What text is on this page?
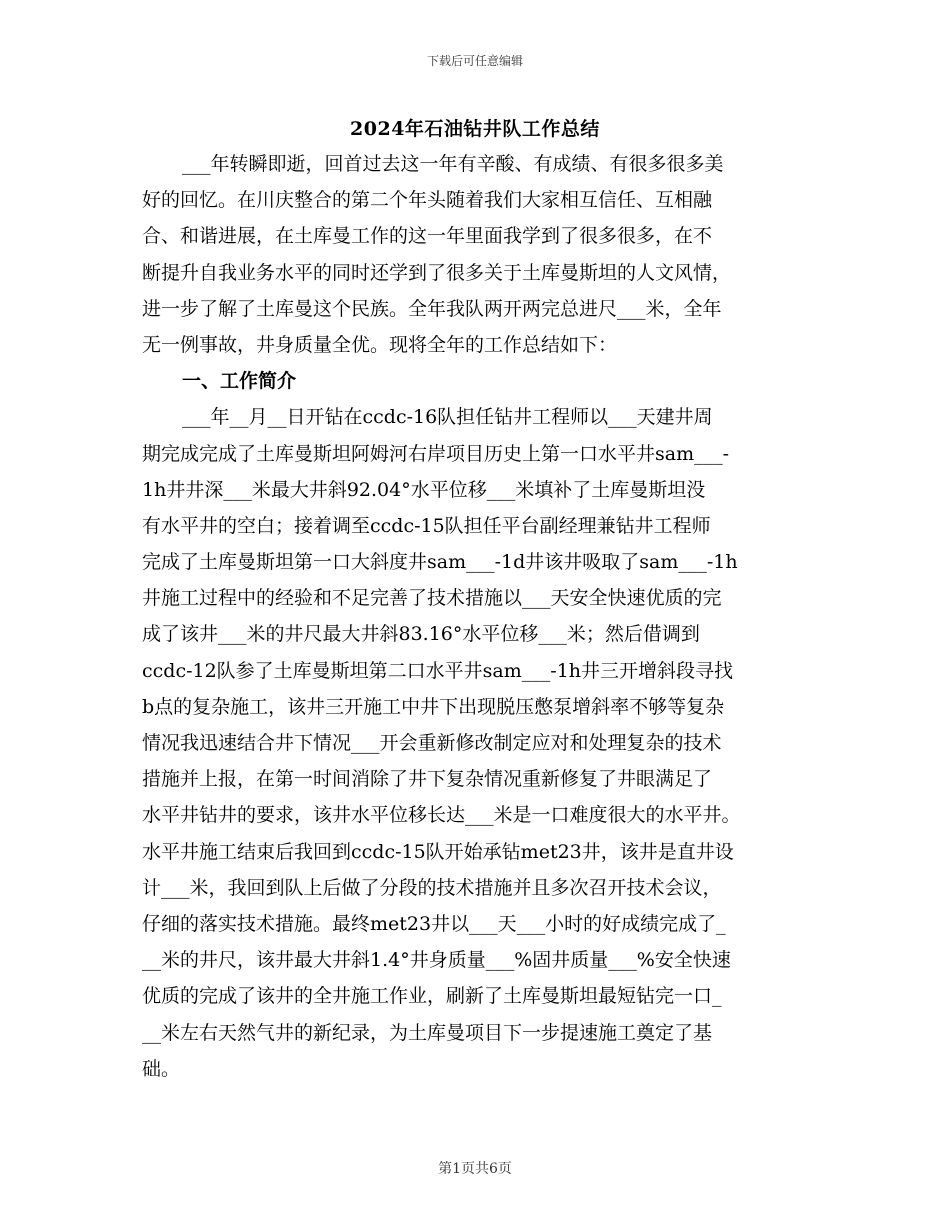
下载后可任意编辑
2024年石油钻井队工作总结
___年转瞬即逝，回首过去这一年有辛酸、有成绩、有很多很多美
好的回忆。在川庆整合的第二个年头随着我们大家相互信任、互相融
合、和谐进展，在土库曼工作的这一年里面我学到了很多很多，在不
断提升自我业务水平的同时还学到了很多关于土库曼斯坦的人文风情，
进一步了解了土库曼这个民族。全年我队两开两完总进尺___米，全年
无一例事故，井身质量全优。现将全年的工作总结如下：
一、工作简介
___年__月__日开钻在ccdc-16队担任钻井工程师以___天建井周
期完成完成了土库曼斯坦阿姆河右岸项目历史上第一口水平井sam___-
1h井井深___米最大井斜92.04°水平位移___米填补了土库曼斯坦没
有水平井的空白；接着调至ccdc-15队担任平台副经理兼钻井工程师
完成了土库曼斯坦第一口大斜度井sam___-1d井该井吸取了sam___-1h
井施工过程中的经验和不足完善了技术措施以___天安全快速优质的完
成了该井___米的井尺最大井斜83.16°水平位移___米；然后借调到
ccdc-12队参了土库曼斯坦第二口水平井sam___-1h井三开增斜段寻找
b点的复杂施工，该井三开施工中井下出现脱压憋泵增斜率不够等复杂
情况我迅速结合井下情况___开会重新修改制定应对和处理复杂的技术
措施并上报，在第一时间消除了井下复杂情况重新修复了井眼满足了
水平井钻井的要求，该井水平位移长达___米是一口难度很大的水平井。
水平井施工结束后我回到ccdc-15队开始承钻met23井，该井是直井设
计___米，我回到队上后做了分段的技术措施并且多次召开技术会议，
仔细的落实技术措施。最终met23井以___天___小时的好成绩完成了_
__米的井尺，该井最大井斜1.4°井身质量___%固井质量___%安全快速
优质的完成了该井的全井施工作业，刷新了土库曼斯坦最短钻完一口_
__米左右天然气井的新纪录，为土库曼项目下一步提速施工奠定了基
础。
第1页共6页
